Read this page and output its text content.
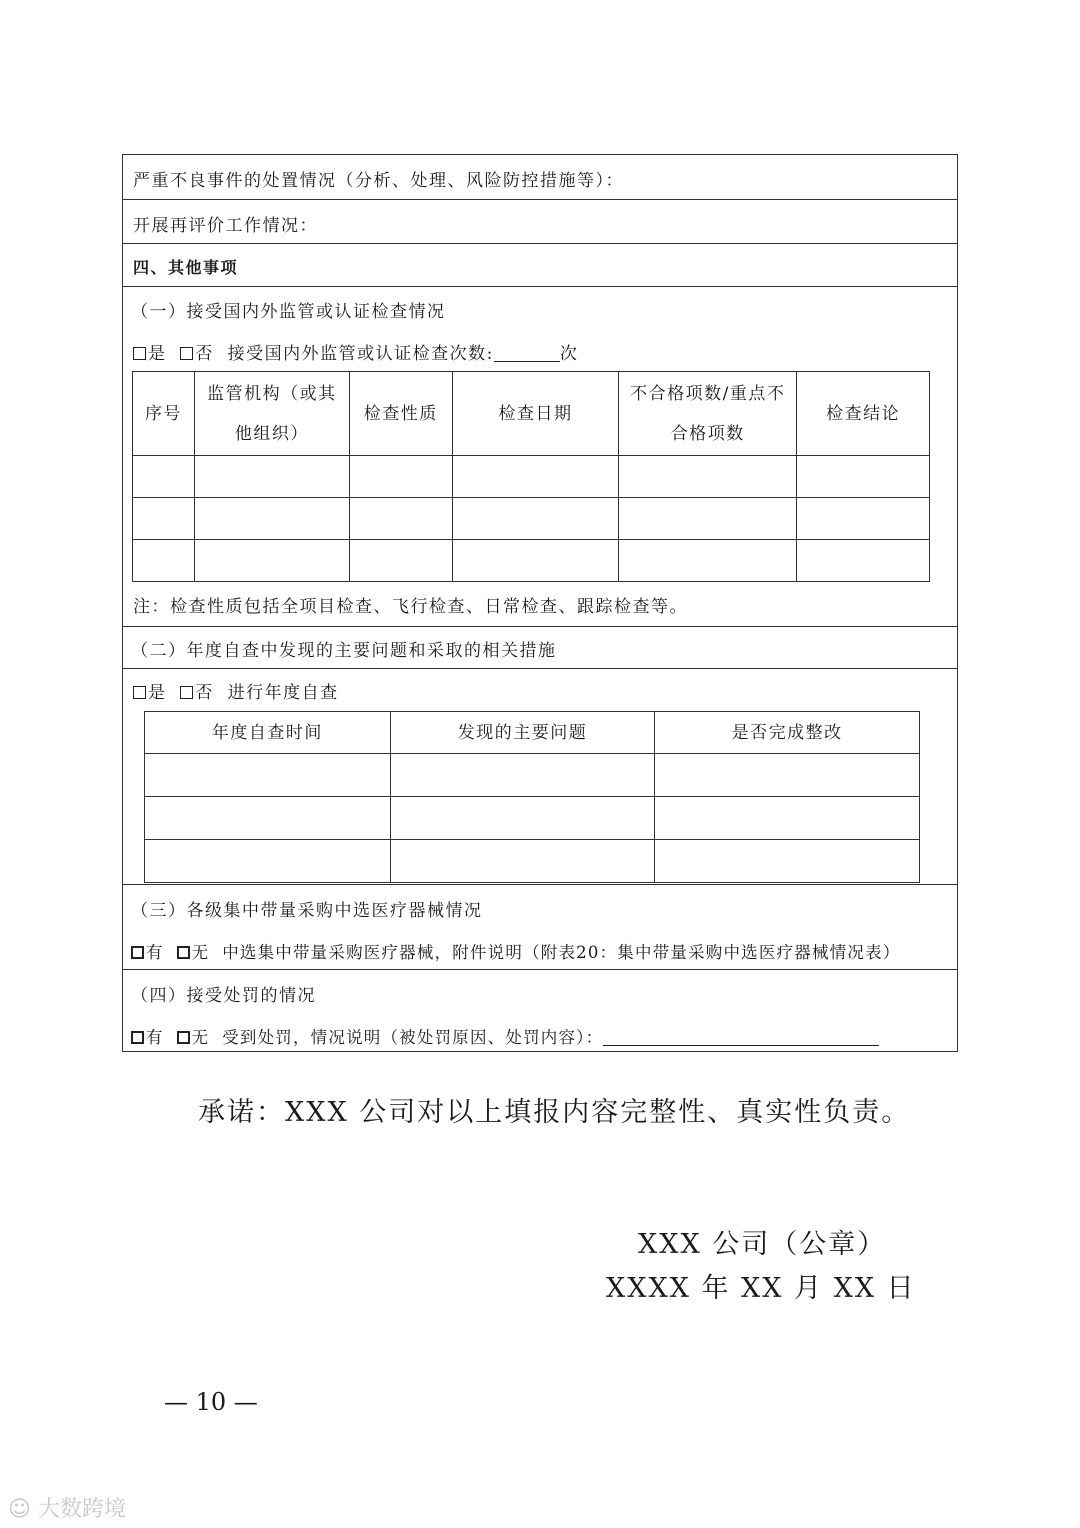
严重不良事件的处置情况（分析、处理、风险防控措施等）：
开展再评价工作情况：
四、其他事项
（一）接受国内外监管或认证检查情况
是 否 接受国内外监管或认证检查次数:	次
序号	监管机构（或其他组织）	检查性质	检查日期	不合格项数/重点不合格项数	检查结论

注：检查性质包括全项目检查、飞行检查、日常检查、跟踪检查等。
（二）年度自查中发现的主要问题和采取的相关措施
是 否 进行年度自查
年度自查时间	发现的主要问题	是否完成整改

（三）各级集中带量采购中选医疗器械情况
有 无 中选集中带量采购医疗器械，附件说明（附表20：集中带量采购中选医疗器械情况表）
（四）接受处罚的情况
有 无 受到处罚，情况说明（被处罚原因、处罚内容）：
承诺：XXX 公司对以上填报内容完整性、真实性负责。
XXX 公司（公章）
XXXX 年 XX 月 XX 日
— 10 —
☺ 大数跨境
